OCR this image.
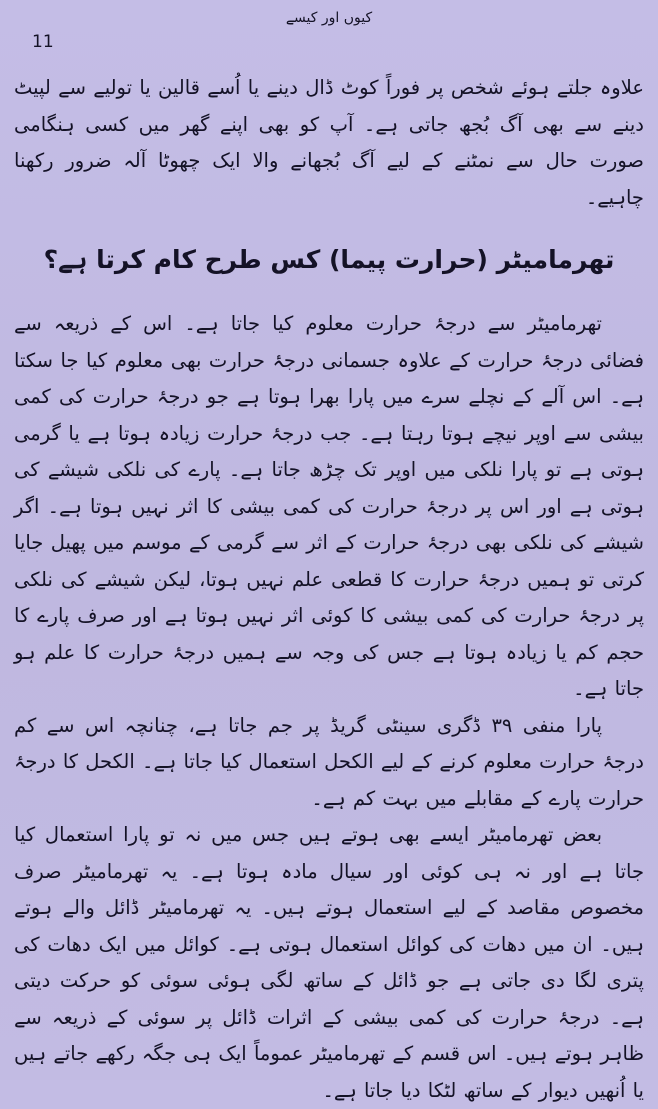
کیوں اور کیسے
11

علاوہ جلتے ہوئے شخص پر فوراً کوٹ ڈال دینے یا اُسے قالین یا تولیے سے لپیٹ دینے سے بھی آگ بُجھ جاتی ہے۔ آپ کو بھی اپنے گھر میں کسی ہنگامی صورت حال سے نمٹنے کے لیے آگ بُجھانے والا ایک چھوٹا آلہ ضرور رکھنا چاہیے۔

تھرمامیٹر (حرارت پیما) کس طرح کام کرتا ہے؟

تھرمامیٹر سے درجۂ حرارت معلوم کیا جاتا ہے۔ اس کے ذریعہ سے فضائی درجۂ حرارت کے علاوہ جسمانی درجۂ حرارت بھی معلوم کیا جا سکتا ہے۔ اس آلے کے نچلے سرے میں پارا بھرا ہوتا ہے جو درجۂ حرارت کی کمی بیشی سے اوپر نیچے ہوتا رہتا ہے۔ جب درجۂ حرارت زیادہ ہوتا ہے یا گرمی ہوتی ہے تو پارا نلکی میں اوپر تک چڑھ جاتا ہے۔ پارے کی نلکی شیشے کی ہوتی ہے اور اس پر درجۂ حرارت کی کمی بیشی کا اثر نہیں ہوتا ہے۔ اگر شیشے کی نلکی بھی درجۂ حرارت کے اثر سے گرمی کے موسم میں پھیل جایا کرتی تو ہمیں درجۂ حرارت کا قطعی علم نہیں ہوتا، لیکن شیشے کی نلکی پر درجۂ حرارت کی کمی بیشی کا کوئی اثر نہیں ہوتا ہے اور صرف پارے کا حجم کم یا زیادہ ہوتا ہے جس کی وجہ سے ہمیں درجۂ حرارت کا علم ہو جاتا ہے۔

پارا منفی ۳۹ ڈگری سینٹی گریڈ پر جم جاتا ہے، چنانچہ اس سے کم درجۂ حرارت معلوم کرنے کے لیے الکحل استعمال کیا جاتا ہے۔ الکحل کا درجۂ حرارت پارے کے مقابلے میں بہت کم ہے۔

بعض تھرمامیٹر ایسے بھی ہوتے ہیں جس میں نہ تو پارا استعمال کیا جاتا ہے اور نہ ہی کوئی اور سیال مادہ ہوتا ہے۔ یہ تھرمامیٹر صرف مخصوص مقاصد کے لیے استعمال ہوتے ہیں۔ یہ تھرمامیٹر ڈائل والے ہوتے ہیں۔ ان میں دھات کی کوائل استعمال ہوتی ہے۔ کوائل میں ایک دھات کی پتری لگا دی جاتی ہے جو ڈائل کے ساتھ لگی ہوئی سوئی کو حرکت دیتی ہے۔ درجۂ حرارت کی کمی بیشی کے اثرات ڈائل پر سوئی کے ذریعہ سے ظاہر ہوتے ہیں۔ اس قسم کے تھرمامیٹر عموماً ایک ہی جگہ رکھے جاتے ہیں یا اُنھیں دیوار کے ساتھ لٹکا دیا جاتا ہے۔
